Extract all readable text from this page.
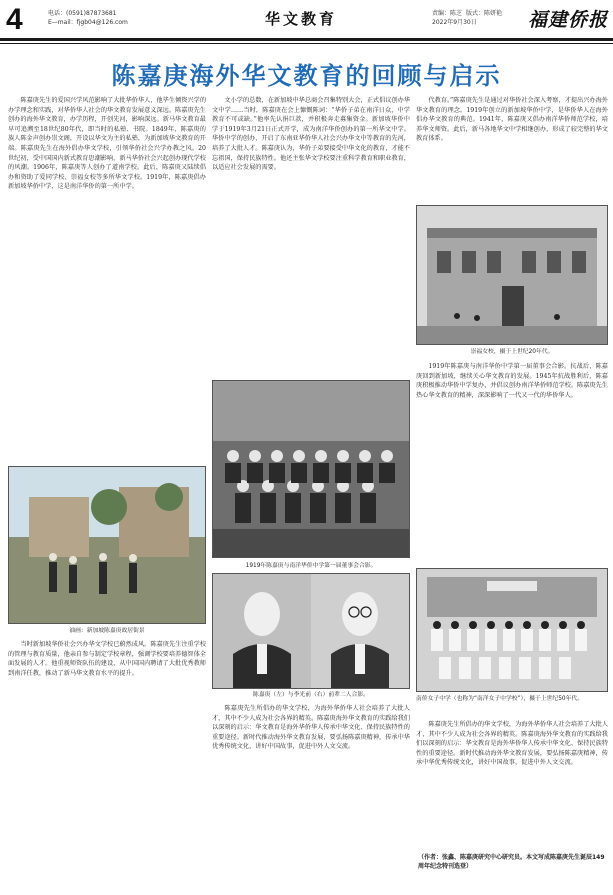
4	电话：(0591)87873681
E—mail：fjgb04@126.com	华文教育	责编：陈芝 版式：陈妍艳
2022年9月30日	福建侨报
陈嘉庚海外华文教育的回顾与启示

陈嘉庚先生的爱国兴学风范影响了大批华侨华人，他毕生倾资兴学的办学理念和实践，对华侨华人社会的华文教育发展意义深远。陈嘉庚先生创办的海外华文教育，办学历程，开创先河，影响深远。新马华文教育最早可追溯至18世纪80年代，即当时的私塾、书院。1849年，陈嘉庚的族人陈金声创办崇文阁，开设以华文为主的私塾，为新加坡华文教育的开端。陈嘉庚先生在海外倡办华文学校，引领华侨社会兴学办教之风。20世纪初，受中国国内新式教育思潮影响，新马华侨社会兴起创办现代学校的风潮。1906年，陈嘉庚等人创办了道南学校。此后，陈嘉庚又陆续倡办和资助了爱同学校、崇福女校等多所华文学校。1919年，陈嘉庚倡办新加坡华侨中学，这是南洋华侨的第一所中学。

文小学的总数，在新加坡中华总商会召集特别大会，正式倡议创办华文中学……当时，陈嘉庚在会上慷慨陈词：“华侨子弟在南洋日众，中学教育不可或缺。”他率先认捐巨款，并积极奔走募集资金。新加坡华侨中学于1919年3月21日正式开学，成为南洋华侨创办的第一所华文中学。华侨中学的创办，开启了东南亚华侨华人社会兴办华文中等教育的先河，培养了大批人才。陈嘉庚认为，华侨子弟要接受中华文化的教育，才能不忘祖国，保持民族特性。他还主张华文学校要注重科学教育和职业教育，以适应社会发展的需要。

代教育。”陈嘉庚先生是通过对华侨社会深入考察，才提出兴办海外华文教育的理念。1919年创立的新加坡华侨中学，是华侨华人在海外倡办华文教育的典范。1941年，陈嘉庚又倡办南洋华侨师范学校，培养华文师资。此后，新马各地华文中学相继创办，形成了较完整的华文教育体系。

崇福女校，摄于上世纪20年代。

1919年陈嘉庚与南洋华侨中学第一届董事会合影。抗战后，陈嘉庚回到新加坡，继续关心华文教育的发展。1945年抗战胜利后，陈嘉庚积极推动华侨中学复办，并倡议创办南洋华侨师范学校。陈嘉庚先生热心华文教育的精神，深深影响了一代又一代的华侨华人。

1919年陈嘉庚与南洋华侨中学第一届董事会合影。
油画：新加坡陈嘉庚故居街景
陈嘉庚（左）与李光前（右）前辈二人合影。

当时新加坡华侨社会兴办华文学校已蔚然成风。陈嘉庚先生注重学校的管理与教育质量，他亲自参与制定学校章程，强调学校要培养德智体全面发展的人才。他重视师资队伍的建设，从中国国内聘请了大批优秀教师到南洋任教，推动了新马华文教育水平的提升。

陈嘉庚先生所倡办的华文学校，为海外华侨华人社会培养了大批人才，其中不少人成为社会各界的精英。陈嘉庚海外华文教育的实践给我们以深刻的启示：华文教育是海外华侨华人传承中华文化、保持民族特性的重要途径。新时代推动海外华文教育发展，要弘扬陈嘉庚精神，传承中华优秀传统文化，讲好中国故事，促进中外人文交流。

南侨女子中学（也称为“南洋女子中学校”），摄于上世纪50年代。

陈嘉庚先生所倡办的华文学校，为海外华侨华人社会培养了大批人才，其中不少人成为社会各界的精英。陈嘉庚海外华文教育的实践给我们以深刻的启示：华文教育是海外华侨华人传承中华文化、保持民族特性的重要途径。新时代推动海外华文教育发展，要弘扬陈嘉庚精神，传承中华优秀传统文化，讲好中国故事，促进中外人文交流。

（作者：张鑫、陈嘉庚研究中心研究员。本文写成陈嘉庚先生诞辰149周年纪念特刊选登）
